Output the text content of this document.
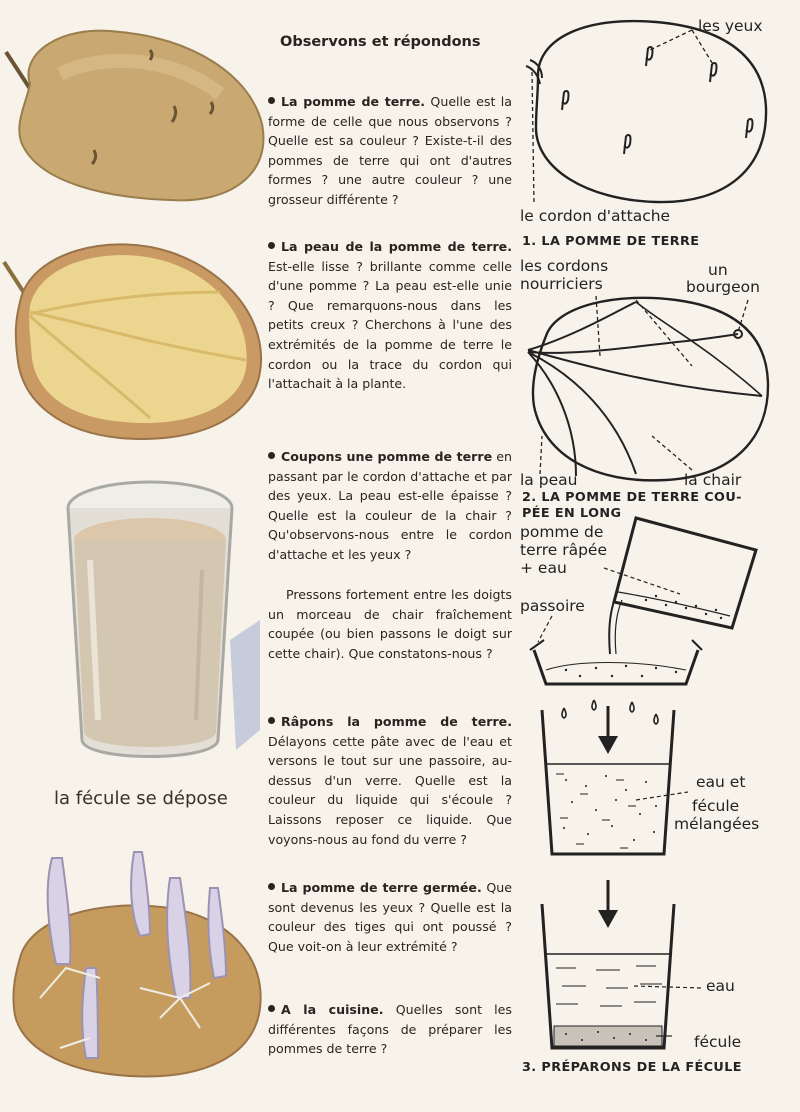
la fécule se dépose
Observons et répondons
La pomme de terre. Quelle est la forme de celle que nous observons ? Quelle est sa couleur ? Existe-t-il des pommes de terre qui ont d'autres formes ? une autre couleur ? une grosseur différente ?
La peau de la pomme de terre. Est-elle lisse ? brillante comme celle d'une pomme ? La peau est-elle unie ? Que remarquons-nous dans les petits creux ? Cherchons à l'une des extrémités de la pomme de terre le cordon ou la trace du cordon qui l'attachait à la plante.
Coupons une pomme de terre en passant par le cordon d'attache et par des yeux. La peau est-elle épaisse ? Quelle est la couleur de la chair ? Qu'observons-nous entre le cordon d'attache et les yeux ?
Pressons fortement entre les doigts un morceau de chair fraîchement coupée (ou bien passons le doigt sur cette chair). Que constatons-nous ?
Râpons la pomme de terre. Délayons cette pâte avec de l'eau et versons le tout sur une passoire, au-dessus d'un verre. Quelle est la couleur du liquide qui s'écoule ? Laissons reposer ce liquide. Que voyons-nous au fond du verre ?
La pomme de terre germée. Que sont devenus les yeux ? Quelle est la couleur des tiges qui ont poussé ? Que voit-on à leur extrémité ?
A la cuisine. Quelles sont les différentes façons de préparer les pommes de terre ?
les yeux
le cordon d'attache
1. LA POMME DE TERRE
les cordons
nourriciers
un
bourgeon
la peau	la chair
2. LA POMME DE TERRE COU-
PÉE EN LONG
pomme de
terre râpée
+ eau
passoire
eau et
fécule
mélangées
eau
fécule
3. PRÉPARONS DE LA FÉCULE
